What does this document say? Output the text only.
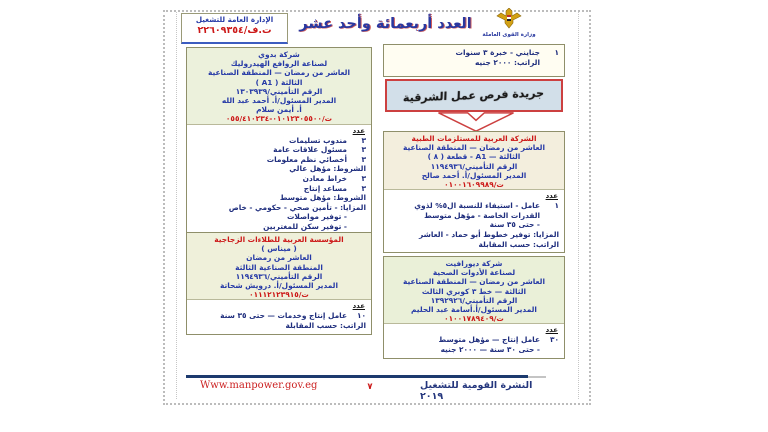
الإدارة العامة للتشغيل
ت.ف/٢٢٦٠٩٣٥٤	العدد أربعمائة وأحد عشر
وزارة القوى العاملة
١
جنايني - خبرة ٣ سنوات
الراتب: ٢٠٠٠ جنيه
جريدة فرص عمل الشرقية
شركة بدوي
لصناعة الروافع الهيدروليك
العاشر من رمضان — المنطقة الصناعية
الثالثة ( A1 )
الرقم التأميني/١٣٠٣٩٣٩
المدير المسئول/أ. أحمد عبد الله
أ. أيمن سلام
ت/٠١٠١٢٣٠٥٥٠٠-٠٥٥/٤١٠٢٣٤
عدد
٣
مندوب تسليمات
٣
مسئول علاقات عامة
٣
أخصائي نظم معلومات
الشروط: مؤهل عالي
٣
خراط معادن
٣
مساعد إنتاج
الشروط: مؤهل متوسط
المزايا: - تأمين صحي - حكومي - خاص
- توفير مواصلات
- توفير سكن للمغتربين
المؤسسة العربية للطلاءات الزجاجية
( ميناس )
العاشر من رمضان
المنطقة الصناعية الثالثة
الرقم التأميني/١١٩٤٩٣٦
المدير المسئول/أ. درويش شحاتة
ت/٠١١١٢١٢٣٩١٥
عدد
١٠
عامل إنتاج وخدمات — حتى ٣٥ سنة
الراتب: حسب المقابلة
الشركة العربية للمستلزمات الطبية
العاشر من رمضان — المنطقة الصناعية
الثالثة — A1 - قطعة ( ٨ )
الرقم التأميني/١١٩٤٩٣٦
المدير المسئول/أ. أحمد صالح
ت/٠١٠٠١٦٠٩٩٨٩
عدد
١
عامل - استيفاء للنسبة ال٥% لذوي
القدرات الخاصة - مؤهل متوسط
- حتى ٣٥ سنة
المزايا: توفير خطوط أبو حماد - العاشر
الراتب: حسب المقابلة
شركة ديورافيت
لصناعة الأدوات الصحية
العاشر من رمضان — المنطقة الصناعية
الثالثة — خط ٣ كوبري الثالث
الرقم التأميني/١٣٩٢٩٢٦
المدير المسئول/أ.أسامة عبد الحليم
ت/٠١٠٠١٧٨٩٤٠٩
عدد
٣٠
عامل إنتاج — مؤهل متوسط
- حتى ٣٠ سنة — ٢٠٠٠ جنيه
Www.manpower.gov.eg	٧	النشرة القومية للتشغيل ٢٠١٩
